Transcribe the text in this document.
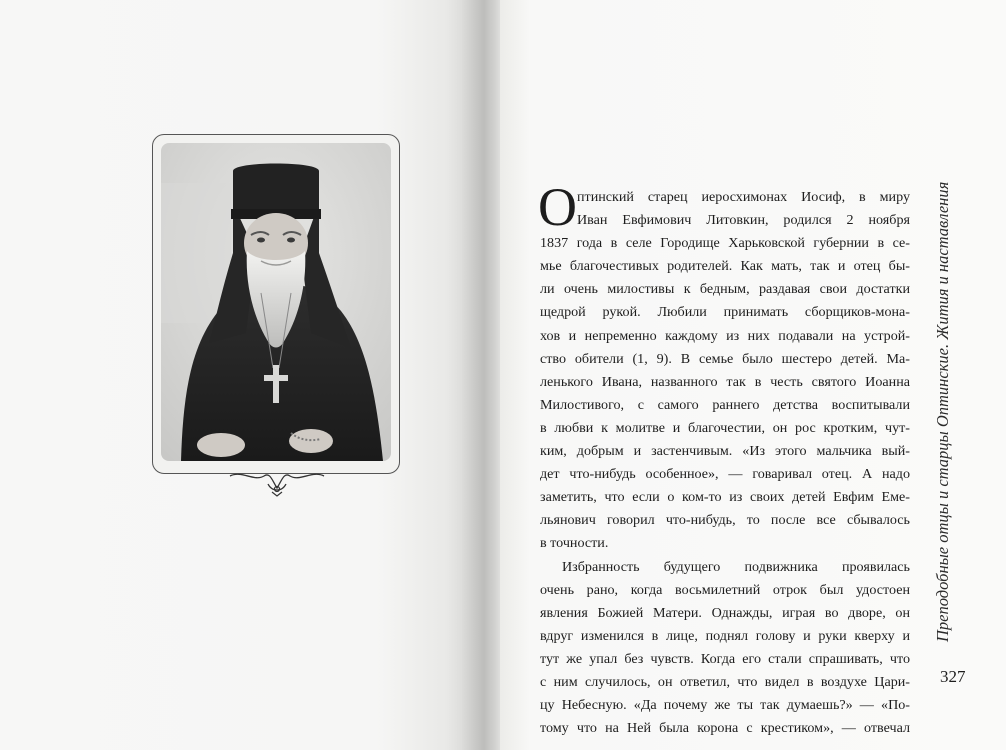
О птинский старец иеросхимонах Иосиф, в миру
Иван Евфимович Литовкин, родился 2 ноября
1837 года в селе Городище Харьковской губернии в се-
мье благочестивых родителей. Как мать, так и отец бы-
ли очень милостивы к бедным, раздавая свои достатки
щедрой рукой. Любили принимать сборщиков-мона-
хов и непременно каждому из них подавали на устрой-
ство обители (1, 9). В семье было шестеро детей. Ма-
ленького Ивана, названного так в честь святого Иоанна
Милостивого, с самого раннего детства воспитывали
в любви к молитве и благочестии, он рос кротким, чут-
ким, добрым и застенчивым. «Из этого мальчика вый-
дет что-нибудь особенное», — говаривал отец. А надо
заметить, что если о ком-то из своих детей Евфим Еме-
льянович говорил что-нибудь, то после все сбывалось
в точности.
Избранность будущего подвижника проявилась
очень рано, когда восьмилетний отрок был удостоен
явления Божией Матери. Однажды, играя во дворе, он
вдруг изменился в лице, поднял голову и руки кверху и
тут же упал без чувств. Когда его стали спрашивать, что
с ним случилось, он ответил, что видел в воздухе Цари-
цу Небесную. «Да почему же ты так думаешь?» — «По-
тому что на Ней была корона с крестиком», — отвечал
Преподобные отцы и старцы Оптинские. Жития и наставления
327
